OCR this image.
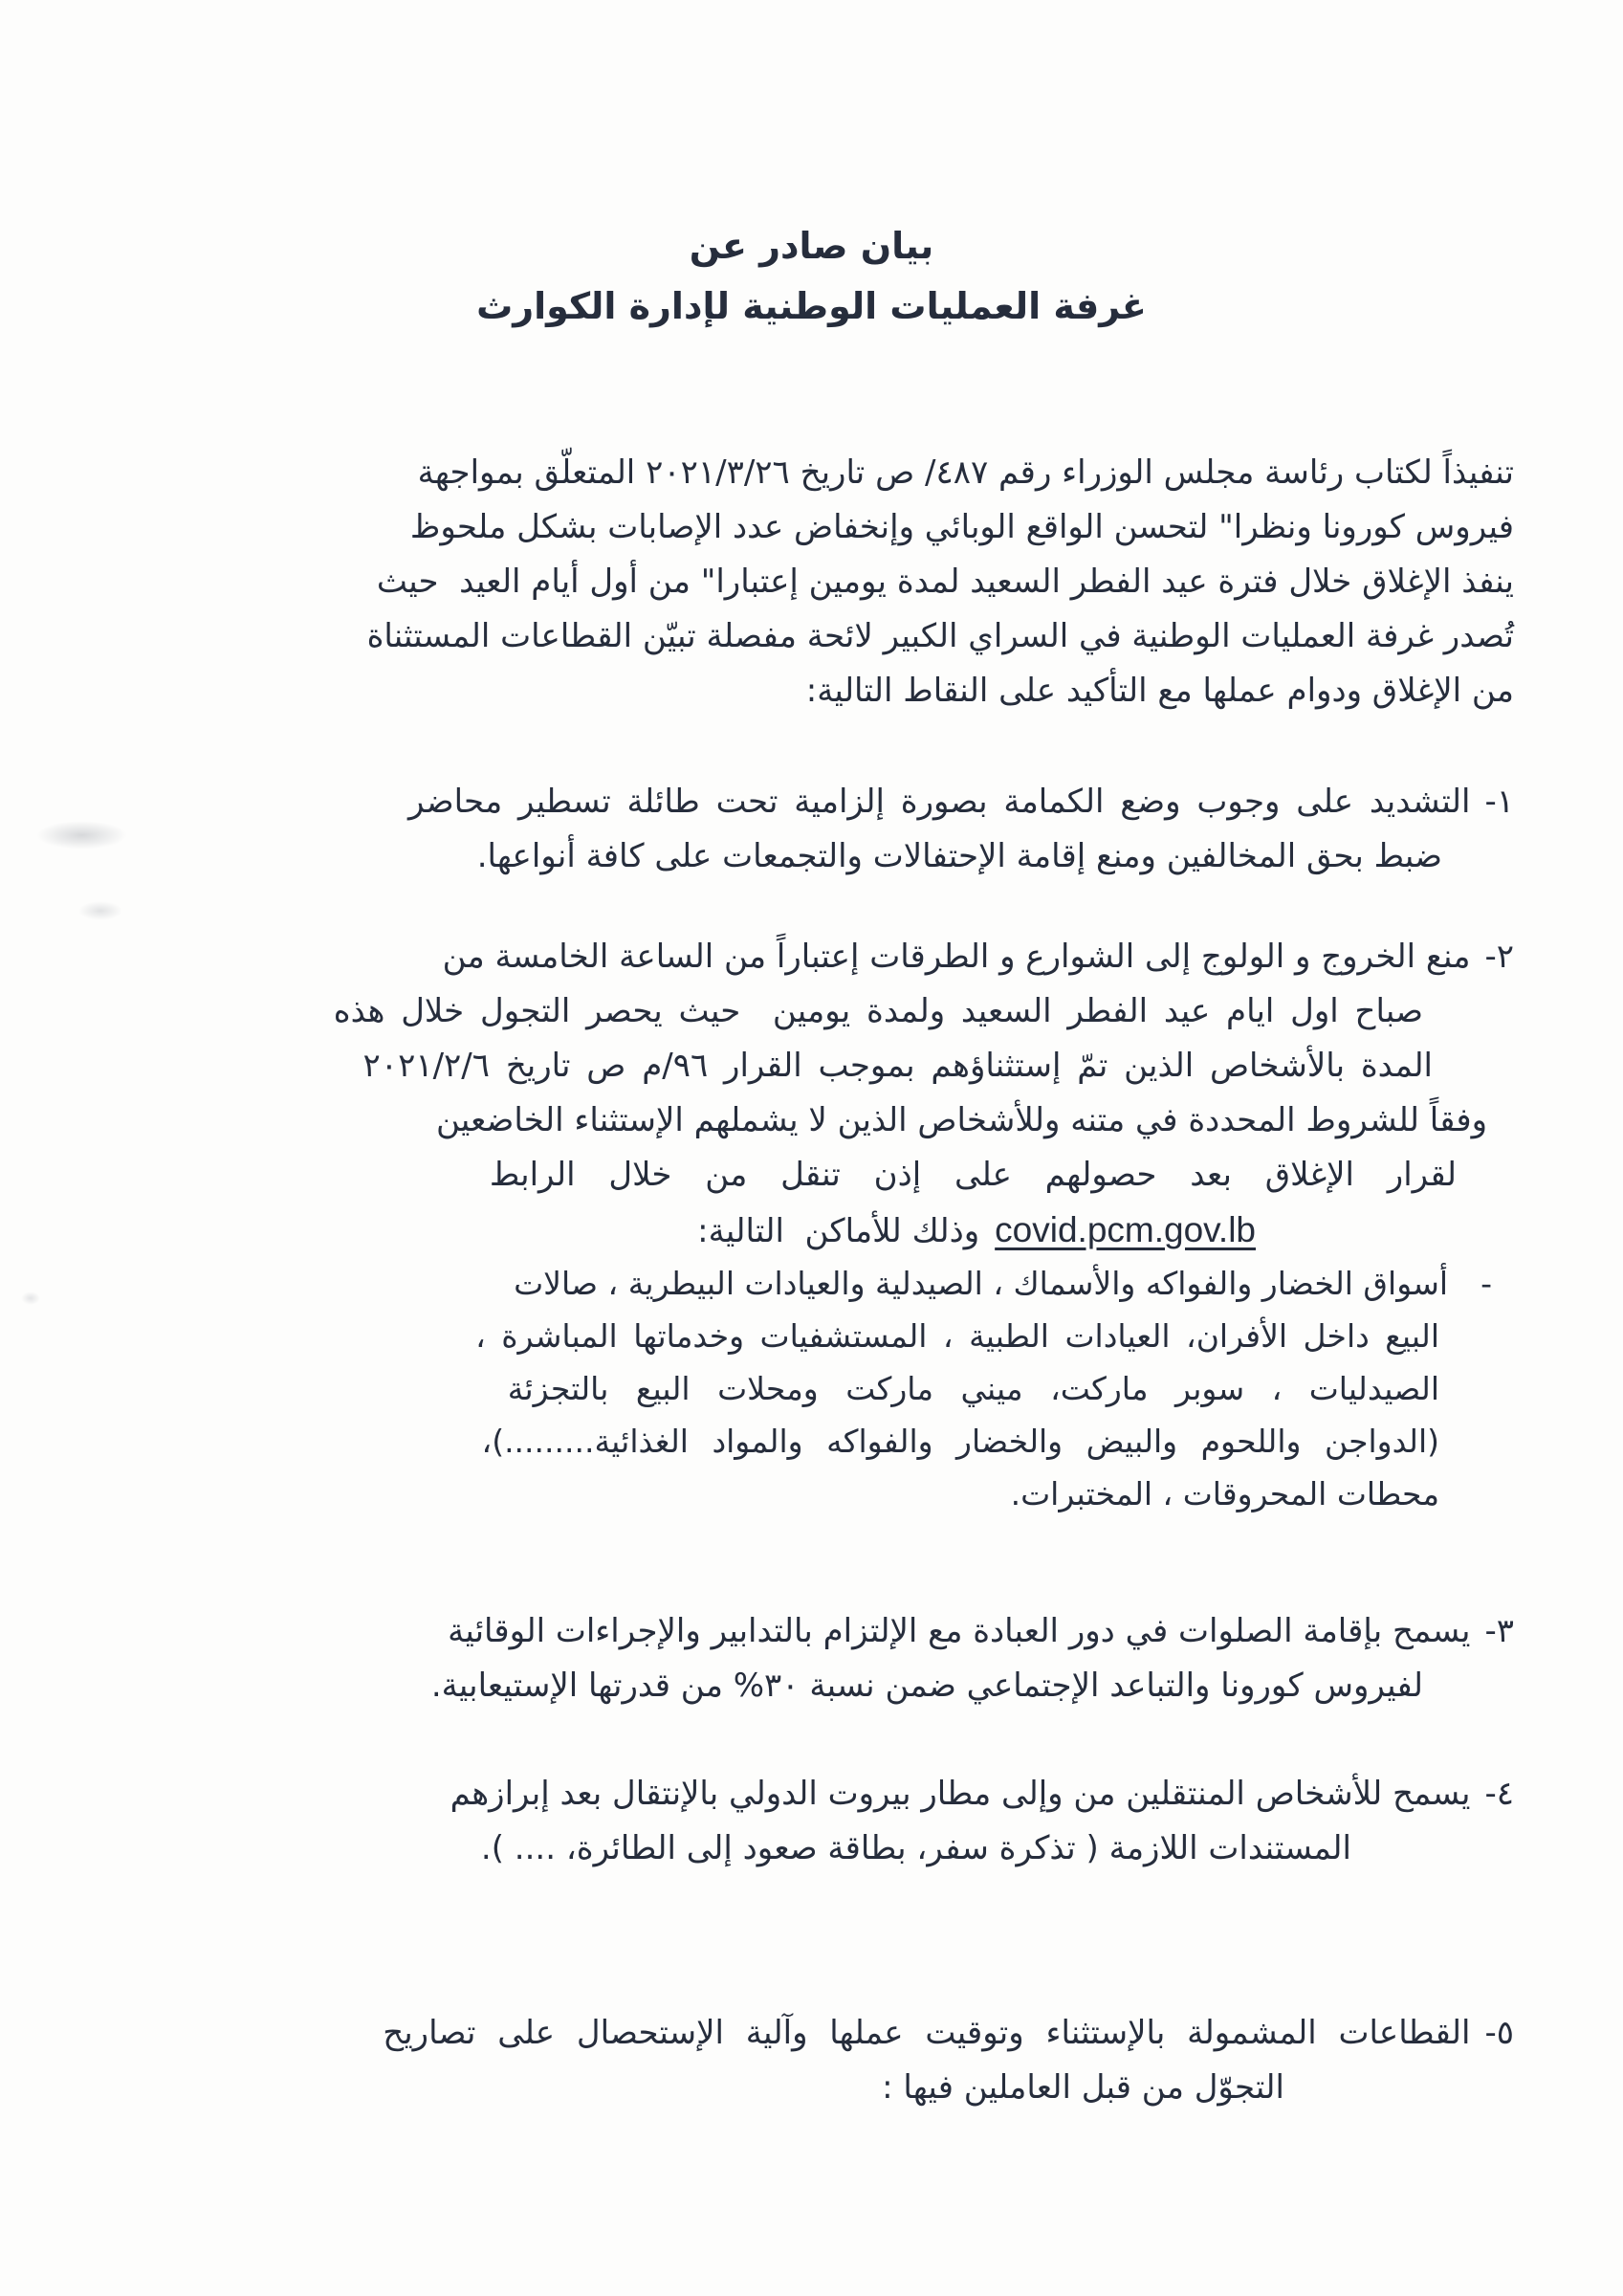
بيان صادر عن
غرفة العمليات الوطنية لإدارة الكوارث
تنفيذاً لكتاب رئاسة مجلس الوزراء رقم ٤٨٧/ ص تاريخ ٢٠٢١/٣/٢٦ المتعلّق بمواجهة
فيروس كورونا ونظرا" لتحسن الواقع الوبائي وإنخفاض عدد الإصابات بشكل ملحوظ
ينفذ الإغلاق خلال فترة عيد الفطر السعيد لمدة يومين إعتبارا" من أول أيام العيد  حيث
تُصدر غرفة العمليات الوطنية في السراي الكبير لائحة مفصلة تبيّن القطاعات المستثناة
من الإغلاق ودوام عملها مع التأكيد على النقاط التالية:
١-التشديد على وجوب وضع الكمامة بصورة إلزامية تحت طائلة تسطير محاضر
ضبط بحق المخالفين ومنع إقامة الإحتفالات والتجمعات على كافة أنواعها.
٢-منع الخروج و الولوج إلى الشوارع و الطرقات إعتباراً من الساعة الخامسة من
صباح اول ايام عيد الفطر السعيد ولمدة يومين  حيث يحصر التجول خلال هذه
المدة بالأشخاص الذين تمّ إستثناؤهم بموجب القرار ٩٦/م ص تاريخ ٢٠٢١/٢/٦
وفقاً للشروط المحددة في متنه وللأشخاص الذين لا يشملهم الإستثناء الخاضعين
لقرار الإغلاق بعد حصولهم على إذن تنقل من خلال الرابط
covid.pcm.gov.lbوذلك للأماكن  التالية:
-أسواق الخضار والفواكه والأسماك ، الصيدلية والعيادات البيطرية ، صالات
البيع داخل الأفران، العيادات الطبية ، المستشفيات وخدماتها المباشرة ،
الصيدليات ، سوبر ماركت، ميني ماركت ومحلات البيع بالتجزئة
(الدواجن واللحوم والبيض والخضار والفواكه والمواد الغذائية.........)،
محطات المحروقات ، المختبرات.
٣-يسمح بإقامة الصلوات في دور العبادة مع الإلتزام بالتدابير والإجراءات الوقائية
لفيروس كورونا والتباعد الإجتماعي ضمن نسبة ٣٠% من قدرتها الإستيعابية.
٤-يسمح للأشخاص المنتقلين من وإلى مطار بيروت الدولي بالإنتقال بعد إبرازهم
المستندات اللازمة ( تذكرة سفر، بطاقة صعود إلى الطائرة، .... ).
٥-القطاعات المشمولة بالإستثناء وتوقيت عملها وآلية الإستحصال على تصاريح
التجوّل من قبل العاملين فيها :
